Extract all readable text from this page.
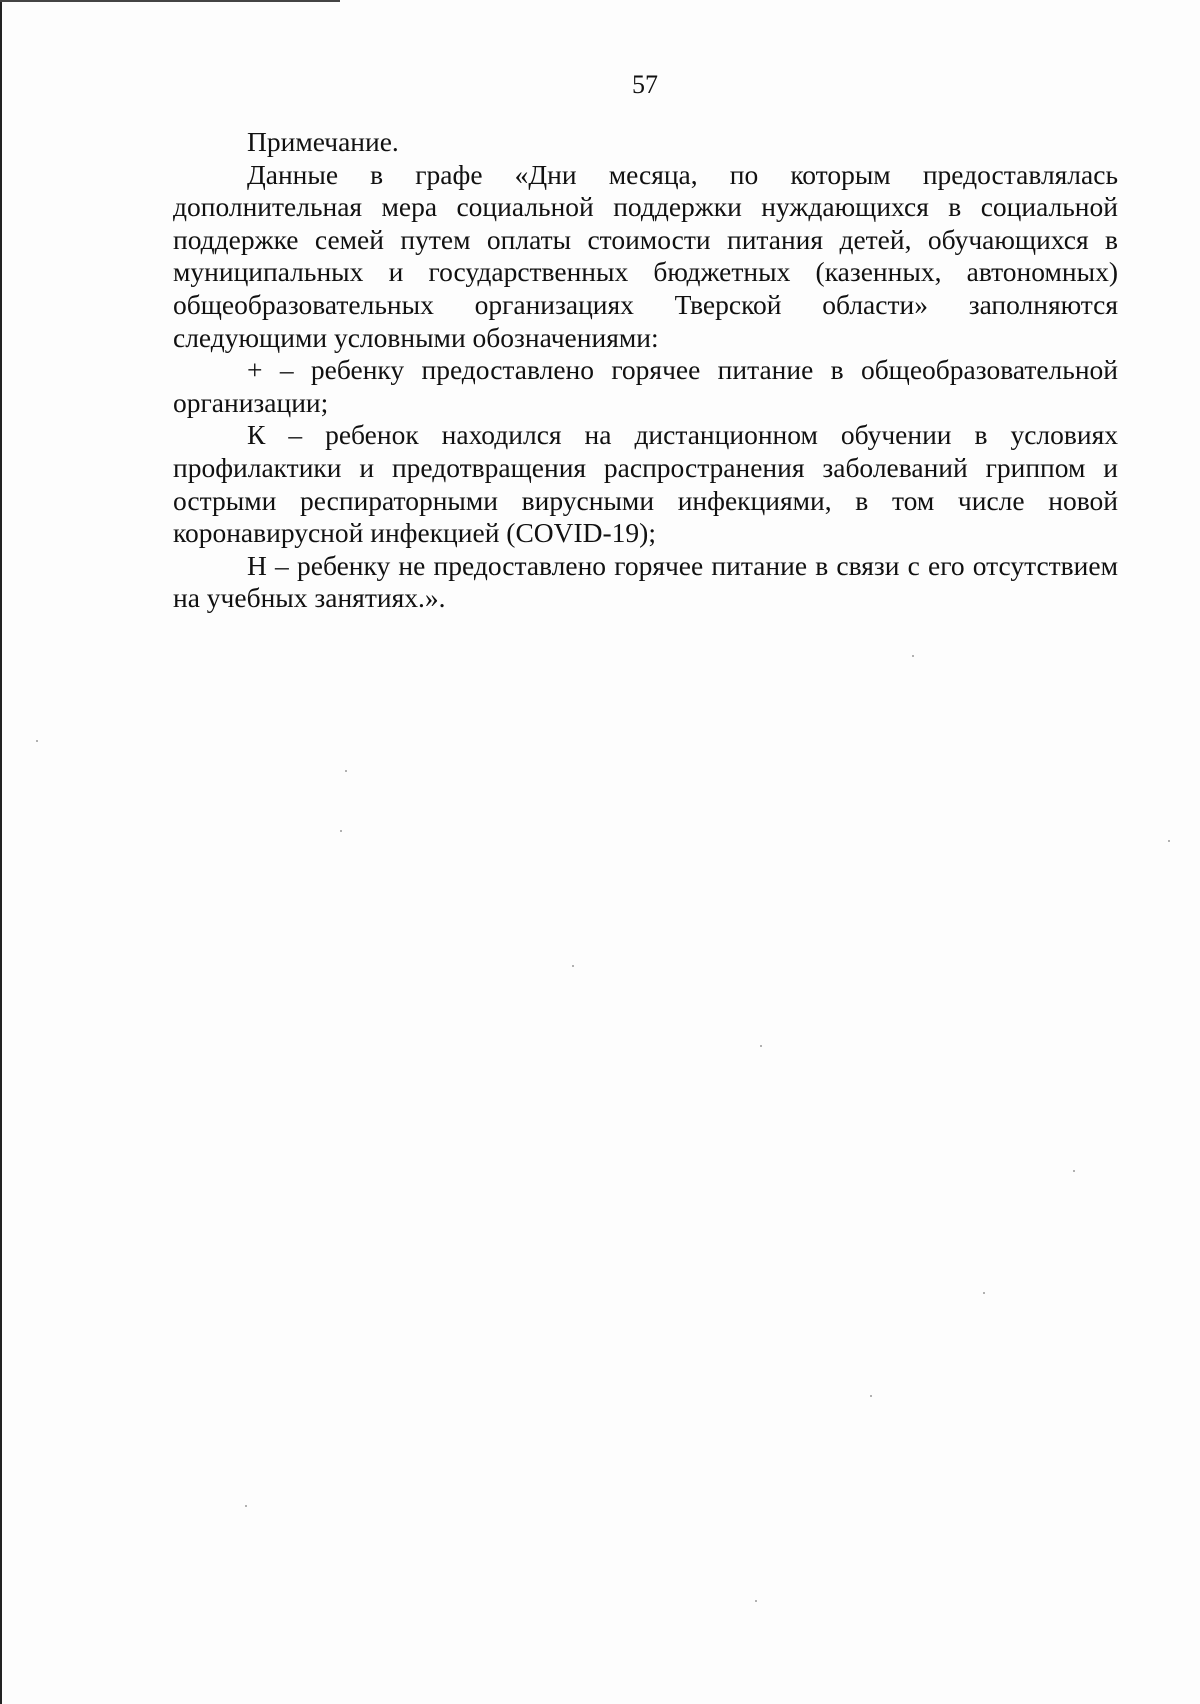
57

Примечание.

Данные в графе «Дни месяца, по которым предоставлялась дополнительная мера социальной поддержки нуждающихся в социальной поддержке семей путем оплаты стоимости питания детей, обучающихся в муниципальных и государственных бюджетных (казенных, автономных) общеобразовательных организациях Тверской области» заполняются следующими условными обозначениями:

+ – ребенку предоставлено горячее питание в общеобразовательной организации;

К – ребенок находился на дистанционном обучении в условиях профилактики и предотвращения распространения заболеваний гриппом и острыми респираторными вирусными инфекциями, в том числе новой коронавирусной инфекцией (COVID-19);

Н – ребенку не предоставлено горячее питание в связи с его отсутствием на учебных занятиях.».
